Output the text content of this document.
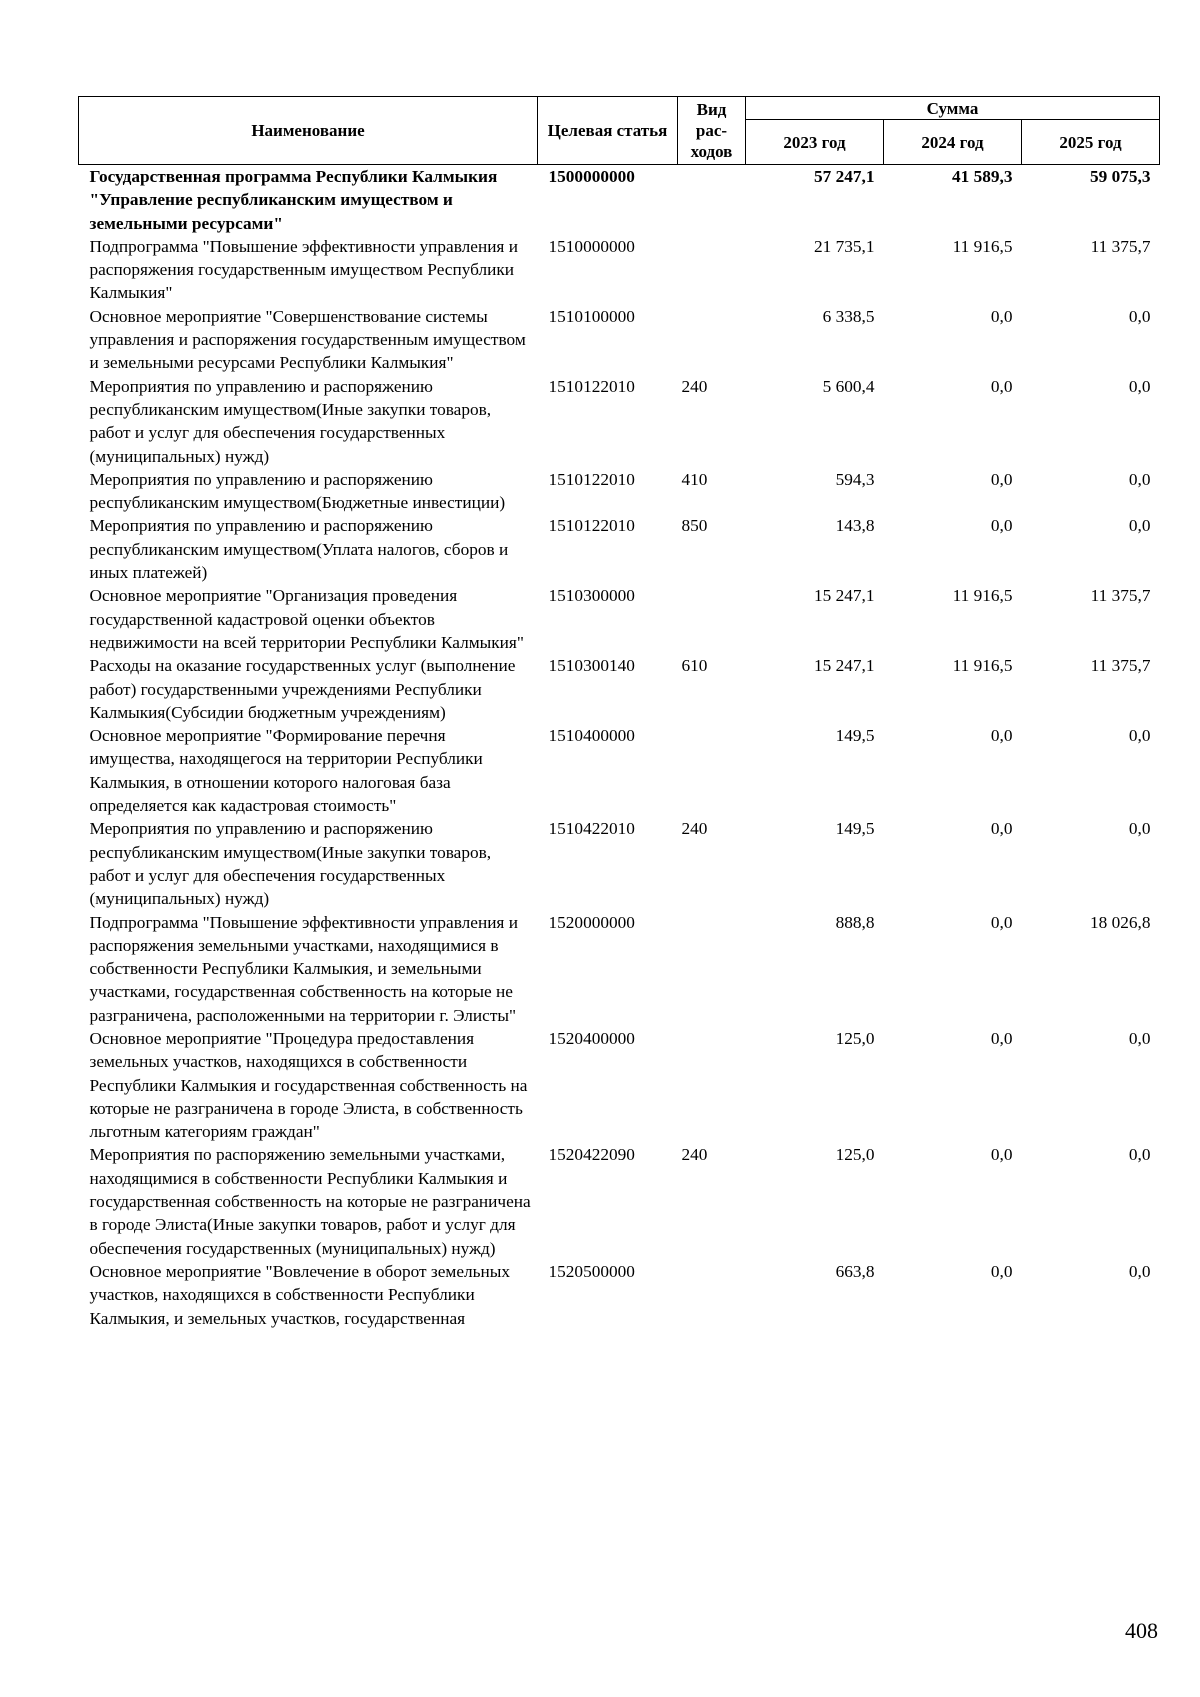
Наименование	Целевая статья	Вид рас-ходов	Сумма		
			2023 год	2024 год	2025 год
Государственная программа Республики Калмыкия "Управление республиканским имуществом и земельными ресурсами"	1500000000		57 247,1	41 589,3	59 075,3
Подпрограмма "Повышение эффективности управления и распоряжения государственным имуществом Республики Калмыкия"	1510000000		21 735,1	11 916,5	11 375,7
Основное мероприятие "Совершенствование системы управления и распоряжения государственным имуществом и земельными ресурсами Республики Калмыкия"	1510100000		6 338,5	0,0	0,0
Мероприятия по управлению и распоряжению республиканским имуществом(Иные закупки товаров, работ и услуг для обеспечения государственных (муниципальных) нужд)	1510122010	240	5 600,4	0,0	0,0
Мероприятия по управлению и распоряжению республиканским имуществом(Бюджетные инвестиции)	1510122010	410	594,3	0,0	0,0
Мероприятия по управлению и распоряжению республиканским имуществом(Уплата налогов, сборов и иных платежей)	1510122010	850	143,8	0,0	0,0
Основное мероприятие "Организация проведения государственной кадастровой оценки объектов недвижимости на всей территории Республики Калмыкия"	1510300000		15 247,1	11 916,5	11 375,7
Расходы на оказание государственных услуг (выполнение работ) государственными учреждениями Республики Калмыкия(Субсидии бюджетным учреждениям)	1510300140	610	15 247,1	11 916,5	11 375,7
Основное мероприятие "Формирование перечня имущества, находящегося на территории Республики Калмыкия, в отношении которого налоговая база определяется как кадастровая стоимость"	1510400000		149,5	0,0	0,0
Мероприятия по управлению и распоряжению республиканским имуществом(Иные закупки товаров, работ и услуг для обеспечения государственных (муниципальных) нужд)	1510422010	240	149,5	0,0	0,0
Подпрограмма "Повышение эффективности управления и распоряжения земельными участками, находящимися в собственности Республики Калмыкия, и земельными участками, государственная собственность на которые не разграничена, расположенными на территории г. Элисты"	1520000000		888,8	0,0	18 026,8
Основное мероприятие "Процедура предоставления земельных участков, находящихся в собственности Республики Калмыкия и государственная собственность на которые не разграничена в городе Элиста, в собственность льготным категориям граждан"	1520400000		125,0	0,0	0,0
Мероприятия по распоряжению земельными участками, находящимися в собственности Республики Калмыкия и государственная собственность на которые не разграничена в городе Элиста(Иные закупки товаров, работ и услуг для обеспечения государственных (муниципальных) нужд)	1520422090	240	125,0	0,0	0,0
Основное мероприятие "Вовлечение в оборот земельных участков, находящихся в собственности Республики Калмыкия, и земельных участков, государственная	1520500000		663,8	0,0	0,0
408
